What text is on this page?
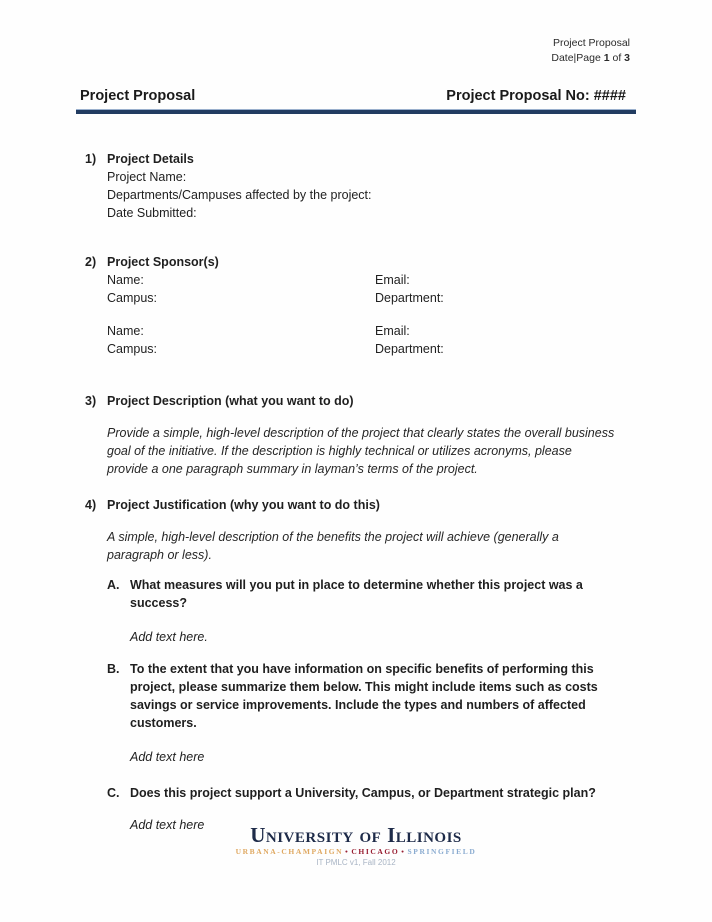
Project Proposal
Date|Page 1 of 3
Project Proposal	Project Proposal No: ####
1) Project Details
Project Name:
Departments/Campuses affected by the project:
Date Submitted:
2) Project Sponsor(s)
Name:
Campus:
Email:
Department:
Name:
Campus:
Email:
Department:
3) Project Description (what you want to do)
Provide a simple, high-level description of the project that clearly states the overall business
goal of the initiative. If the description is highly technical or utilizes acronyms, please
provide a one paragraph summary in layman’s terms of the project.
4) Project Justification (why you want to do this)
A simple, high-level description of the benefits the project will achieve (generally a
paragraph or less).
A. What measures will you put in place to determine whether this project was a success?
Add text here.
B. To the extent that you have information on specific benefits of performing this project, please summarize them below. This might include items such as costs savings or service improvements. Include the types and numbers of affected customers.
Add text here
C. Does this project support a University, Campus, or Department strategic plan?
Add text here	University of Illinois
URBANA-CHAMPAIGN • CHICAGO • SPRINGFIELD
IT PMLC v1, Fall 2012
